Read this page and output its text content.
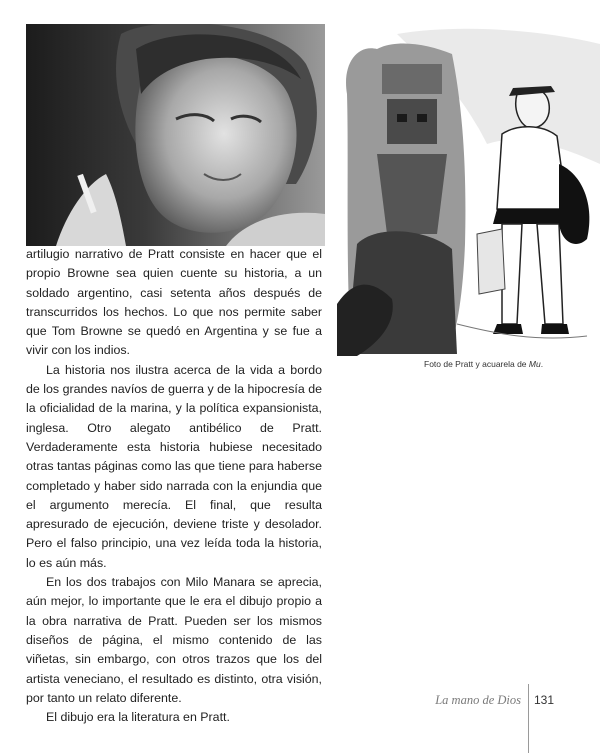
Foto de Pratt y acuarela de Mu.

artilugio narrativo de Pratt consiste en hacer que el propio Browne sea quien cuente su historia, a un soldado argentino, casi setenta años después de transcurridos los hechos. Lo que nos permite saber que Tom Browne se quedó en Argentina y se fue a vivir con los indios.

La historia nos ilustra acerca de la vida a bordo de los grandes navíos de guerra y de la hipocresía de la oficialidad de la marina, y la política expansionista, inglesa. Otro alegato antibélico de Pratt. Verdaderamente esta historia hubiese necesitado otras tantas páginas como las que tiene para haberse completado y haber sido narrada con la enjundia que el argumento merecía. El final, que resulta apresurado de ejecución, deviene triste y desolador. Pero el falso principio, una vez leída toda la historia, lo es aún más.

En los dos trabajos con Milo Manara se aprecia, aún mejor, lo importante que le era el dibujo propio a la obra narrativa de Pratt. Pueden ser los mismos diseños de página, el mismo contenido de las viñetas, sin embargo, con otros trazos que los del artista veneciano, el resultado es distinto, otra visión, por tanto un relato diferente.

El dibujo era la literatura en Pratt.

La mano de Dios 131
